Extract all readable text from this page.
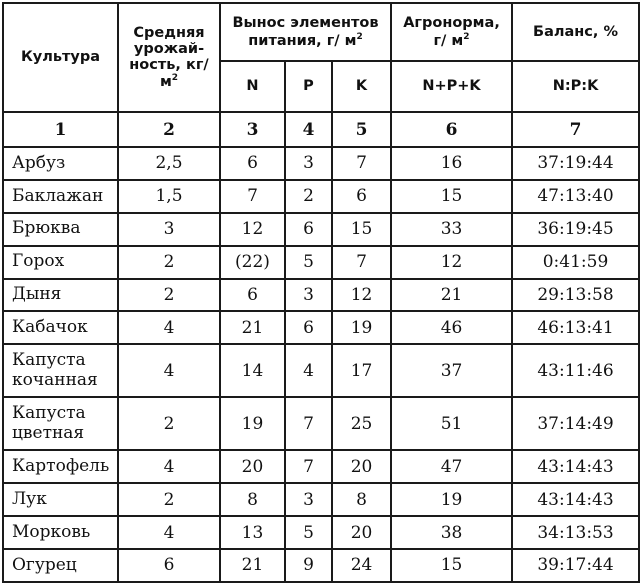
Культура	Средняя урожай-ность, $кг/м^2$	Вынос элементов питания, г/ $м^2$			Агронорма, г/ $м^2$	Баланс, %
		N	P	K	N+P+K	N:P:K
1	2	3	4	5	6	7
Арбуз	2,5	6	3	7	16	37:19:44
Баклажан	1,5	7	2	6	15	47:13:40
Брюква	3	12	6	15	33	36:19:45
Горох	2	(22)	5	7	12	0:41:59
Дыня	2	6	3	12	21	29:13:58
Кабачок	4	21	6	19	46	46:13:41
Капуста кочанная	4	14	4	17	37	43:11:46
Капуста цветная	2	19	7	25	51	37:14:49
Картофель	4	20	7	20	47	43:14:43
Лук	2	8	3	8	19	43:14:43
Морковь	4	13	5	20	38	34:13:53
Огурец	6	21	9	24	15	39:17:44
